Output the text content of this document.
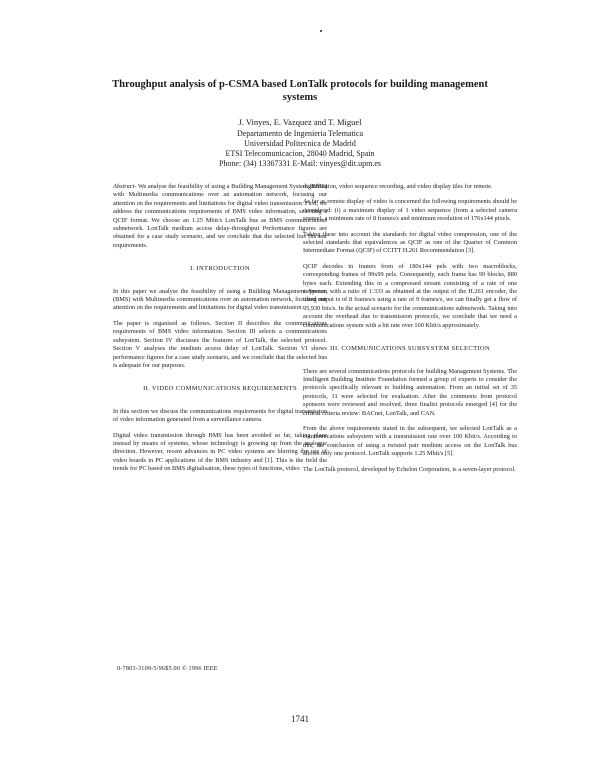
Throughput analysis of p-CSMA based LonTalk protocols for building management systems
J. Vinyes, E. Vazquez and T. Miguel
Departamento de Ingenieria Telematica
Universidad Politecnica de Madrid
ETSI Telecomunicacion, 28040 Madrid, Spain
Phone: (34) 13367331 E-Mail: vinyes@dit.upm.es

Abstract- We analyse the feasibility of using a Building Management System (BMS) with Multimedia communications over an automation network, focusing our attention on the requirements and limitations for digital video transmission. First, we address the communications requirements of BMS video information, selecting a QCIF format. We choose an 1.25 Mbit/s LonTalk bus as BMS communications subnetwork. LonTalk medium access delay-throughput Performance figures are obtained for a case study scenario, and we conclude that the selected bus fits our requirements.

I. INTRODUCTION

In this paper we analyse the feasibility of using a Building Management System (BMS) with Multimedia communications over an automation network, focusing our attention on the requirements and limitations for digital video transmission.

The paper is organised as follows. Section II describes the communications requirements of BMS video information. Section III selects a communications subsystem. Section IV discusses the features of LonTalk, the selected protocol. Section V analyses the medium access delay of LonTalk. Section VI shows performance figures for a case study scenario, and we conclude that the selected bus is adequate for our purposes.

II. VIDEO COMMUNICATIONS REQUIREMENTS

In this section we discuss the communications requirements for digital transmission of video information generated from a surveillance camera.

Digital video transmission through BMS has been avoided so far, taking place instead by means of systems, whose technology is growing up from the analogue direction. However, recent advances in PC video systems are blurring the use of video boards in PC applications of the BMS industry and [1]. This is the field the trends for PC based on BMS digitalisation, these types of functions, video

digitalisation, video sequence recording, and video display tiles for remote.

As far as remote display of video is concerned the following requirements should be considered: (i) a maximum display of 1 video sequence (from a selected camera source), a minimum rate of 8 frames/s and minimum resolution of 176x144 pixels.

Taking these into account the standards for digital video compression, one of the selected standards that equivalences as QCIF as one of the Quarter of Common Intermediate Format (QCIF) of CCITT H.261 Recommendation [3].

QCIF decodes in frames from of 180x144 pels with two macroblocks, corresponding frames of 99x99 pels. Consequently, each frame has 99 blocks, 880 bytes each. Extending this in a compressed stream consisting of a rate of one sequence, with a ratio of 1:333 as obtained at the output of the H.261 encoder, the tilted output is of 8 frames/s using a rate of 9 frames/s, we can finally get a flow of 95,930 bits/s. In the actual scenario for the communications subnetwork. Taking into account the overhead due to transmission protocols, we conclude that we need a communications system with a bit rate over 100 Kbit/s approximately.

III. COMMUNICATIONS SUBSYSTEM SELECTION

There are several communications protocols for building Management Systems. The Intelligent Building Institute Foundation formed a group of experts to consider the protocols specifically relevant to building automation. From an initial set of 35 protocols, 11 were selected for evaluation. After the comments from protocol sponsors were reviewed and resolved, three finalist protocols emerged [4] for the critical criteria review: BACnet, LonTalk, and CAN.

From the above requirements stated in the subsequent, we selected LonTalk as a communications subsystem with a transmission rate over 100 Kbit/s. According to this, the conclusion of using a twisted pair medium access on the LonTalk bus allows only one protocol. LonTalk supports 1.25 Mbit/s [5].

The LonTalk protocol, developed by Echelon Corporation, is a seven-layer protocol.

0-7803-3109-5/96$5.00 © 1996 IEEE
1741
